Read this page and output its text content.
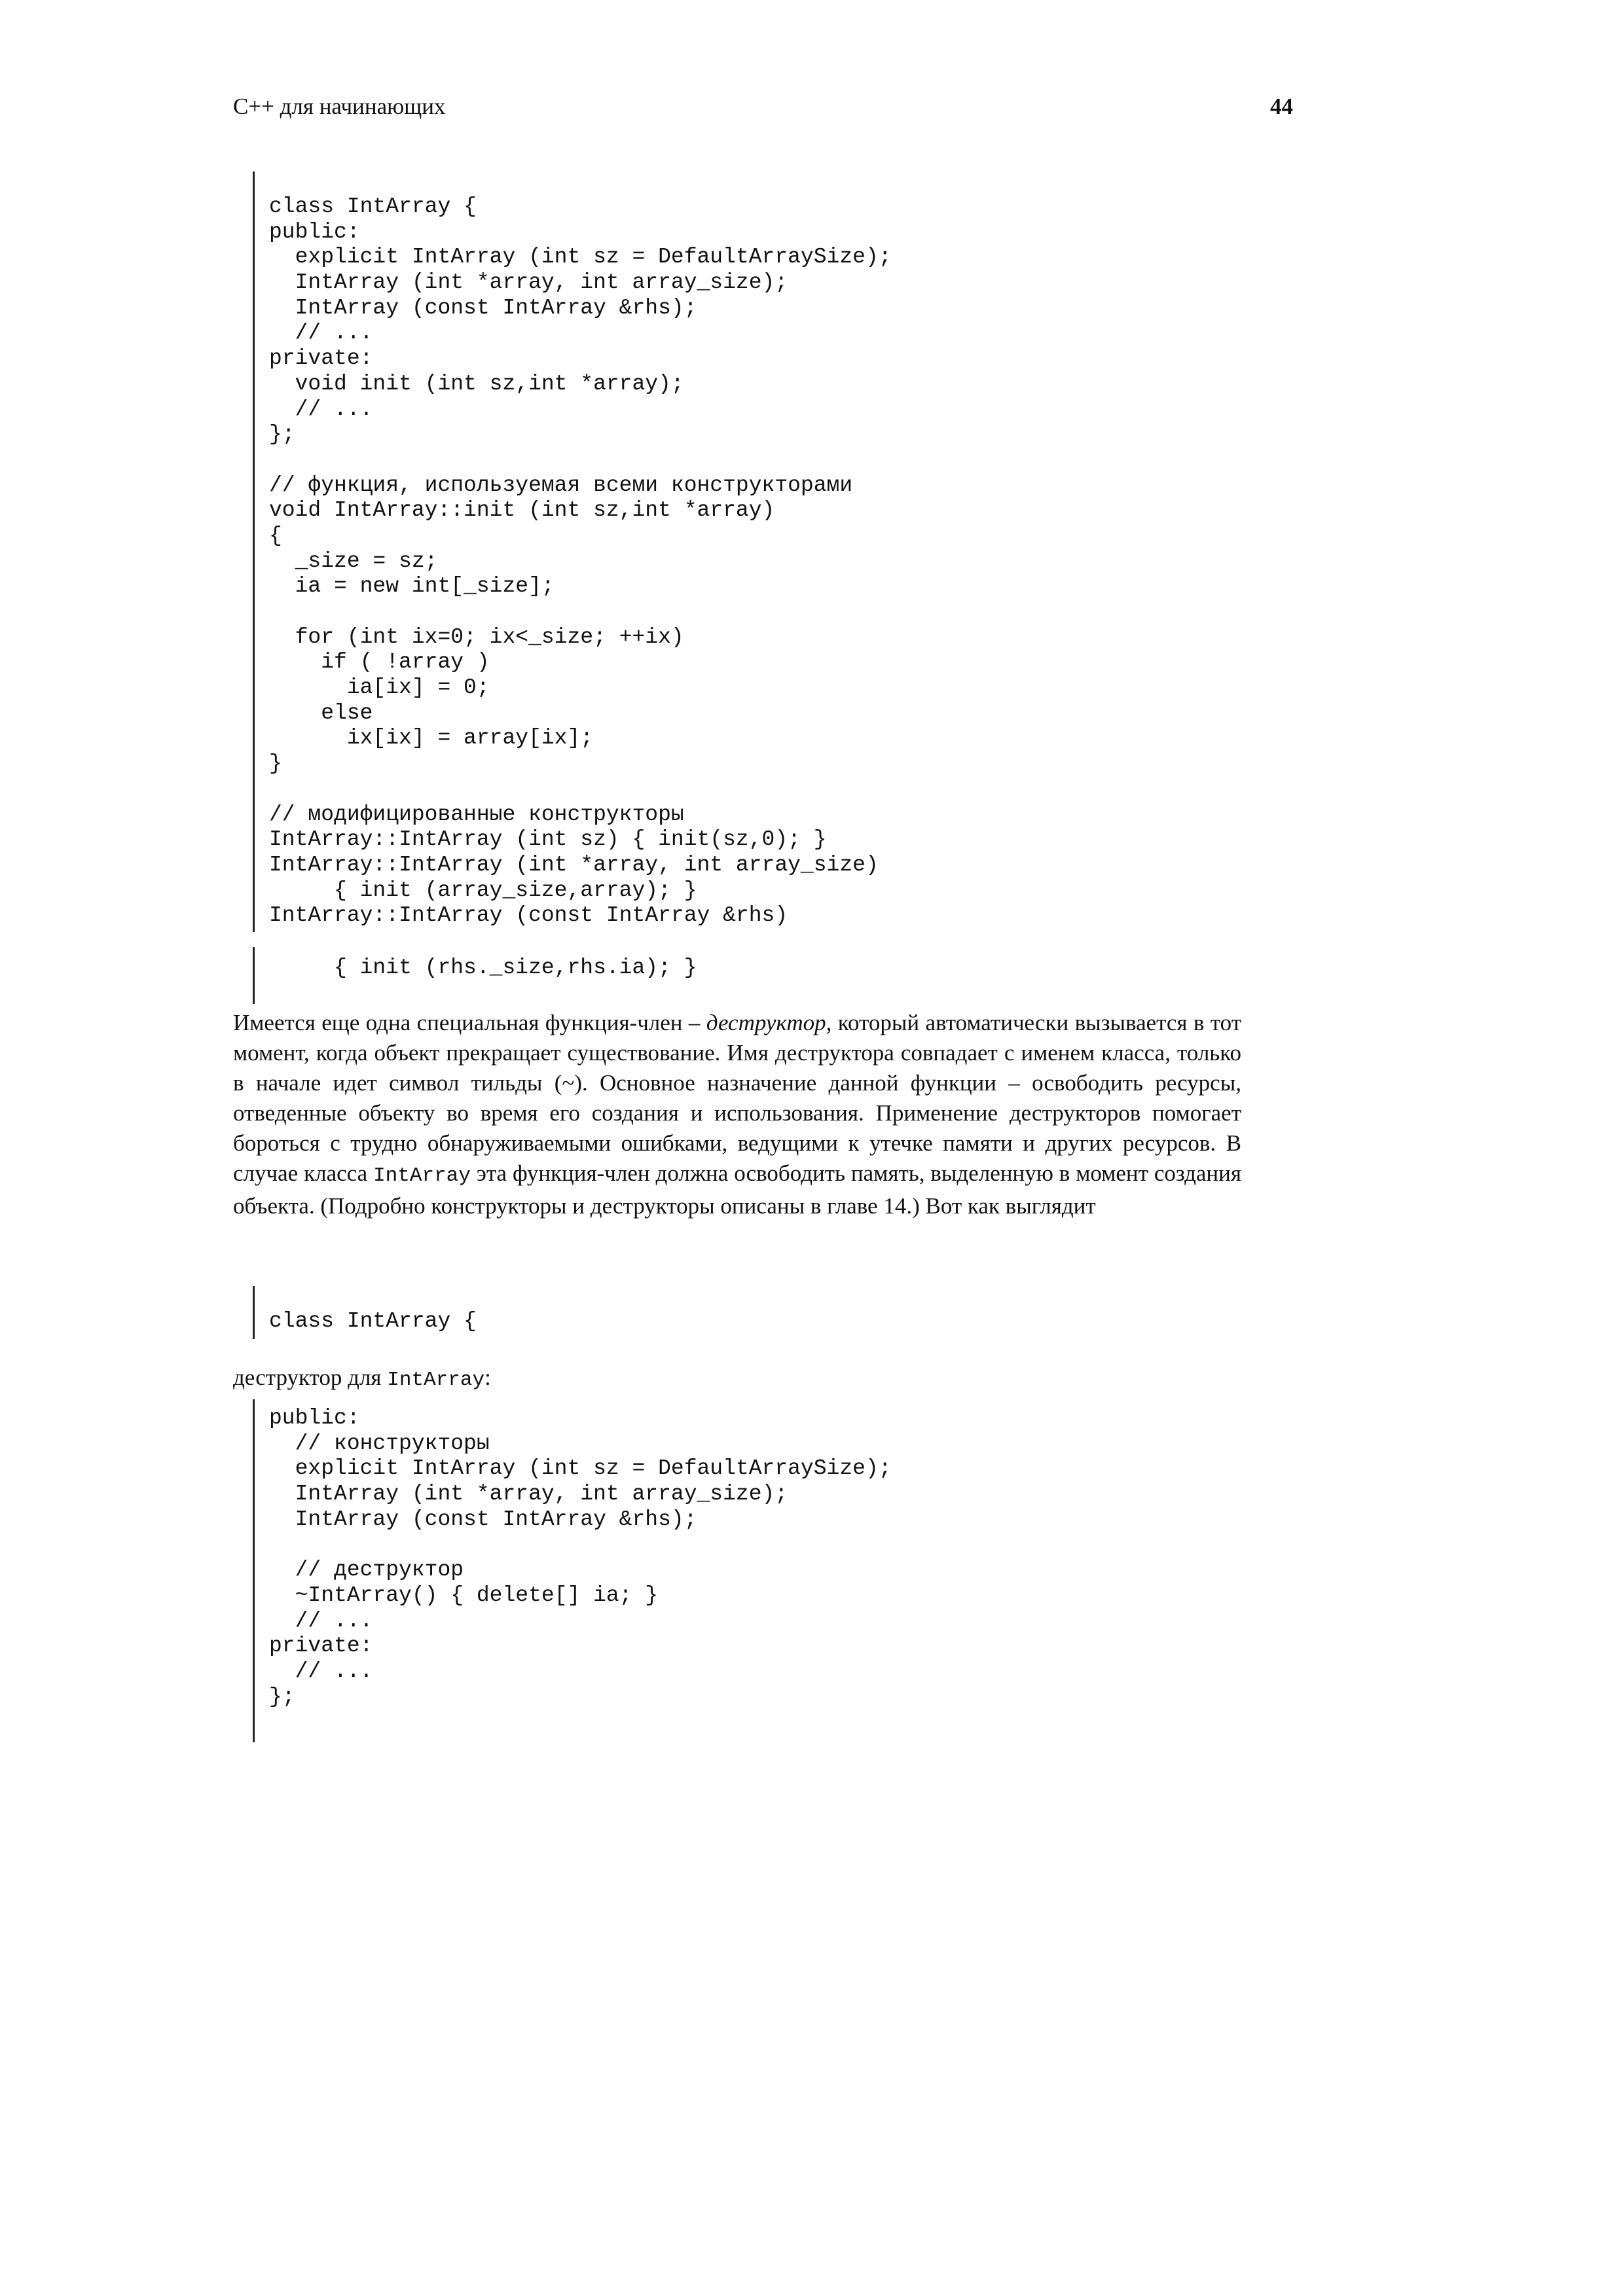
C++ для начинающих	44
class IntArray {
public:
explicit IntArray (int sz = DefaultArraySize);
IntArray (int *array, int array_size);
IntArray (const IntArray &rhs);
// ...
private:
void init (int sz,int *array);
// ...
};
// функция, используемая всеми конструкторами
void IntArray::init (int sz,int *array)
{
_size = sz;
ia = new int[_size];
for (int ix=0; ix<_size; ++ix)
if ( !array )
ia[ix] = 0;
else
ix[ix] = array[ix];
}
// модифицированные конструкторы
IntArray::IntArray (int sz) { init(sz,0); }
IntArray::IntArray (int *array, int array_size)
{ init (array_size,array); }
IntArray::IntArray (const IntArray &rhs)
{ init (rhs._size,rhs.ia); }
Имеется еще одна специальная функция-член – деструктор, который автоматически вызывается в тот момент, когда объект прекращает существование. Имя деструктора совпадает с именем класса, только в начале идет символ тильды (~). Основное назначение данной функции – освободить ресурсы, отведенные объекту во время его создания и использования. Применение деструкторов помогает бороться с трудно обнаруживаемыми ошибками, ведущими к утечке памяти и других ресурсов. В случае класса IntArray эта функция-член должна освободить память, выделенную в момент создания объекта. (Подробно конструкторы и деструкторы описаны в главе 14.) Вот как выглядит
class IntArray {
деструктор для IntArray:
public:
// конструкторы
explicit IntArray (int sz = DefaultArraySize);
IntArray (int *array, int array_size);
IntArray (const IntArray &rhs);
// деструктор
~IntArray() { delete[] ia; }
// ...
private:
// ...
};
